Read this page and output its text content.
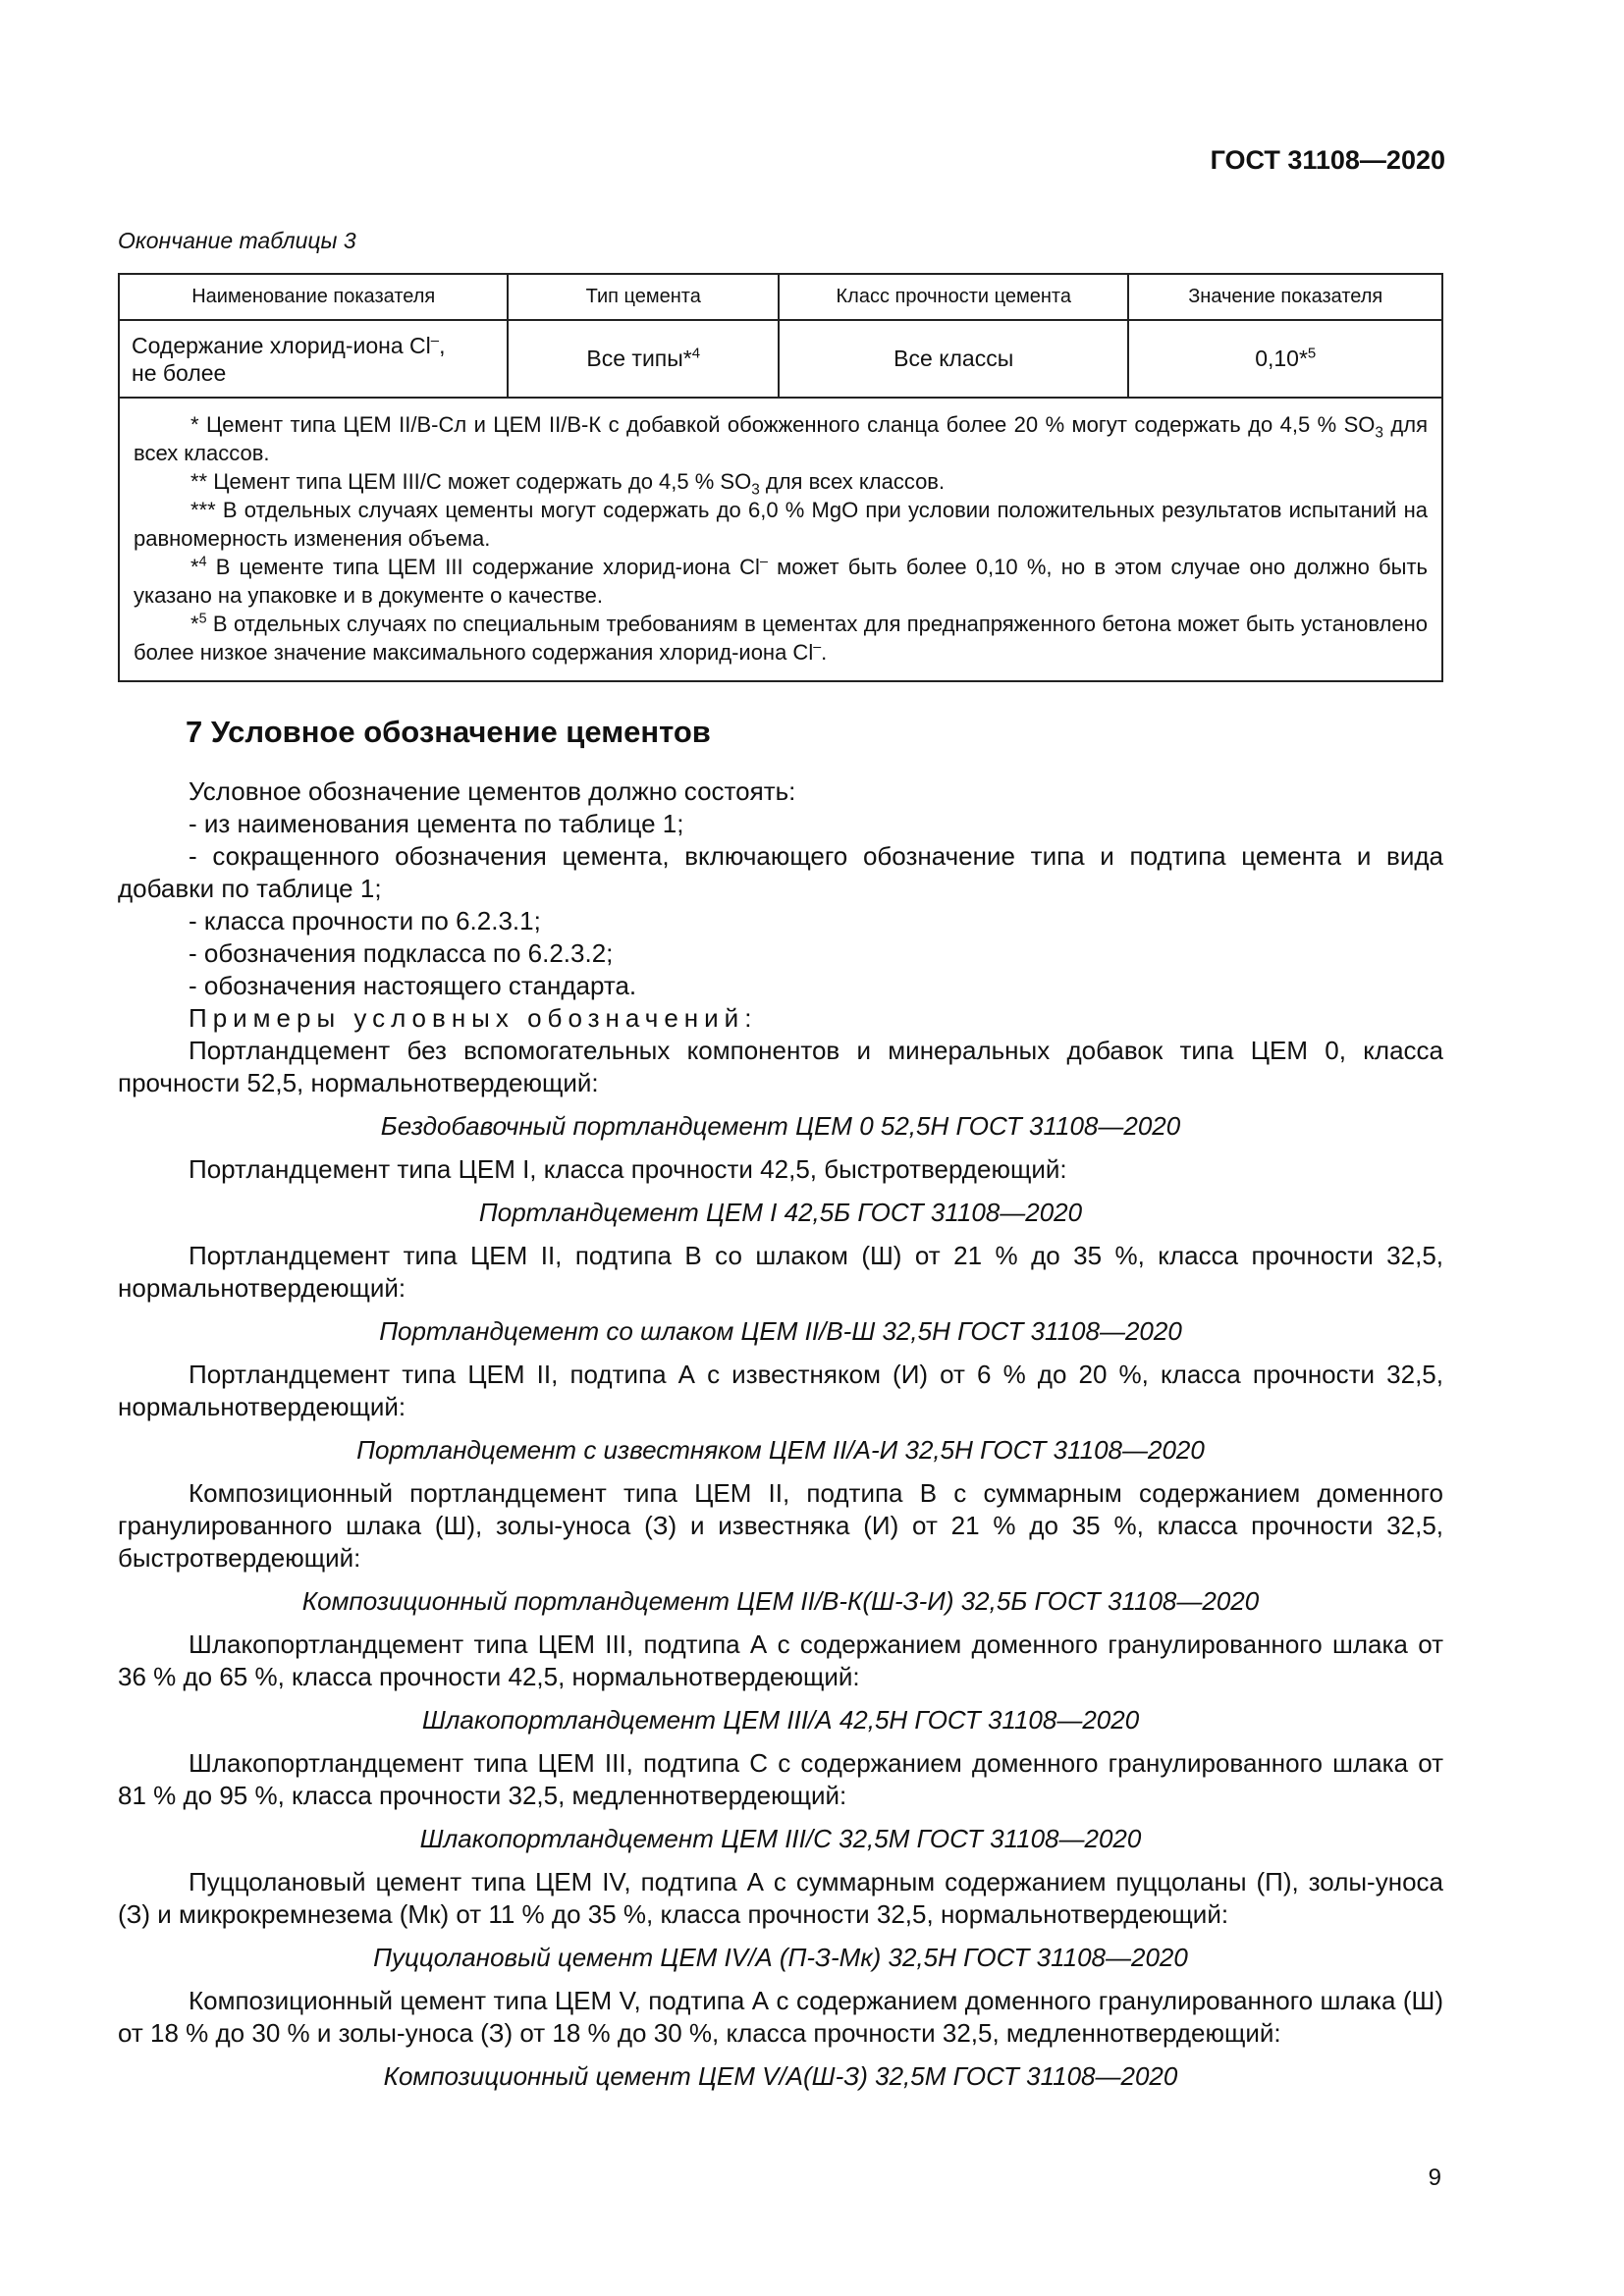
ГОСТ 31108—2020
Окончание таблицы 3
Наименование показателя	Тип цемента	Класс прочности цемента	Значение показателя
Содержание хлорид-иона Cl–,
не более	Все типы*$^4$	Все классы	0,10*$^5$

* Цемент типа ЦЕМ II/В-Сл и ЦЕМ II/В-К с добавкой обожженного сланца более 20 % могут содержать до 4,5 % $SO_3$ для всех классов.

** Цемент типа ЦЕМ III/С может содержать до 4,5 % $SO_3$ для всех классов.

*** В отдельных случаях цементы могут содержать до 6,0 % MgO при условии положительных результатов испытаний на равномерность изменения объема.

*$^4$ В цементе типа ЦЕМ III содержание хлорид-иона Cl– может быть более 0,10 %, но в этом случае оно должно быть указано на упаковке и в документе о качестве.

*$^5$ В отдельных случаях по специальным требованиям в цементах для преднапряженного бетона может быть установлено более низкое значение максимального содержания хлорид-иона Cl–.			

7 Условное обозначение цементов

Условное обозначение цементов должно состоять:

- из наименования цемента по таблице 1;

- сокращенного обозначения цемента, включающего обозначение типа и подтипа цемента и вида добавки по таблице 1;

- класса прочности по 6.2.3.1;

- обозначения подкласса по 6.2.3.2;

- обозначения настоящего стандарта.

Примеры условных обозначений:

Портландцемент без вспомогательных компонентов и минеральных добавок типа ЦЕМ 0, класса прочности 52,5, нормальнотвердеющий:

Бездобавочный портландцемент ЦЕМ 0 52,5Н ГОСТ 31108—2020

Портландцемент типа ЦЕМ I, класса прочности 42,5, быстротвердеющий:

Портландцемент ЦЕМ I 42,5Б ГОСТ 31108—2020

Портландцемент типа ЦЕМ II, подтипа В со шлаком (Ш) от 21 % до 35 %, класса прочности 32,5, нормальнотвердеющий:

Портландцемент со шлаком ЦЕМ II/В-Ш 32,5Н ГОСТ 31108—2020

Портландцемент типа ЦЕМ II, подтипа А с известняком (И) от 6 % до 20 %, класса прочности 32,5, нормальнотвердеющий:

Портландцемент с известняком ЦЕМ II/А-И 32,5Н ГОСТ 31108—2020

Композиционный портландцемент типа ЦЕМ II, подтипа В с суммарным содержанием доменного гранулированного шлака (Ш), золы-уноса (З) и известняка (И) от 21 % до 35 %, класса прочности 32,5, быстротвердеющий:

Композиционный портландцемент ЦЕМ II/В-К(Ш-З-И) 32,5Б ГОСТ 31108—2020

Шлакопортландцемент типа ЦЕМ III, подтипа А с содержанием доменного гранулированного шлака от 36 % до 65 %, класса прочности 42,5, нормальнотвердеющий:

Шлакопортландцемент ЦЕМ III/А 42,5Н ГОСТ 31108—2020

Шлакопортландцемент типа ЦЕМ III, подтипа С с содержанием доменного гранулированного шлака от 81 % до 95 %, класса прочности 32,5, медленнотвердеющий:

Шлакопортландцемент ЦЕМ III/С 32,5М ГОСТ 31108—2020

Пуццолановый цемент типа ЦЕМ IV, подтипа А с суммарным содержанием пуццоланы (П), золы-уноса (З) и микрокремнезема (Мк) от 11 % до 35 %, класса прочности 32,5, нормальнотвердеющий:

Пуццолановый цемент ЦЕМ IV/А (П-З-Мк) 32,5Н ГОСТ 31108—2020

Композиционный цемент типа ЦЕМ V, подтипа А с содержанием доменного гранулированного шлака (Ш) от 18 % до 30 % и золы-уноса (З) от 18 % до 30 %, класса прочности 32,5, медленнотвердеющий:

Композиционный цемент ЦЕМ V/А(Ш-З) 32,5М ГОСТ 31108—2020

9
